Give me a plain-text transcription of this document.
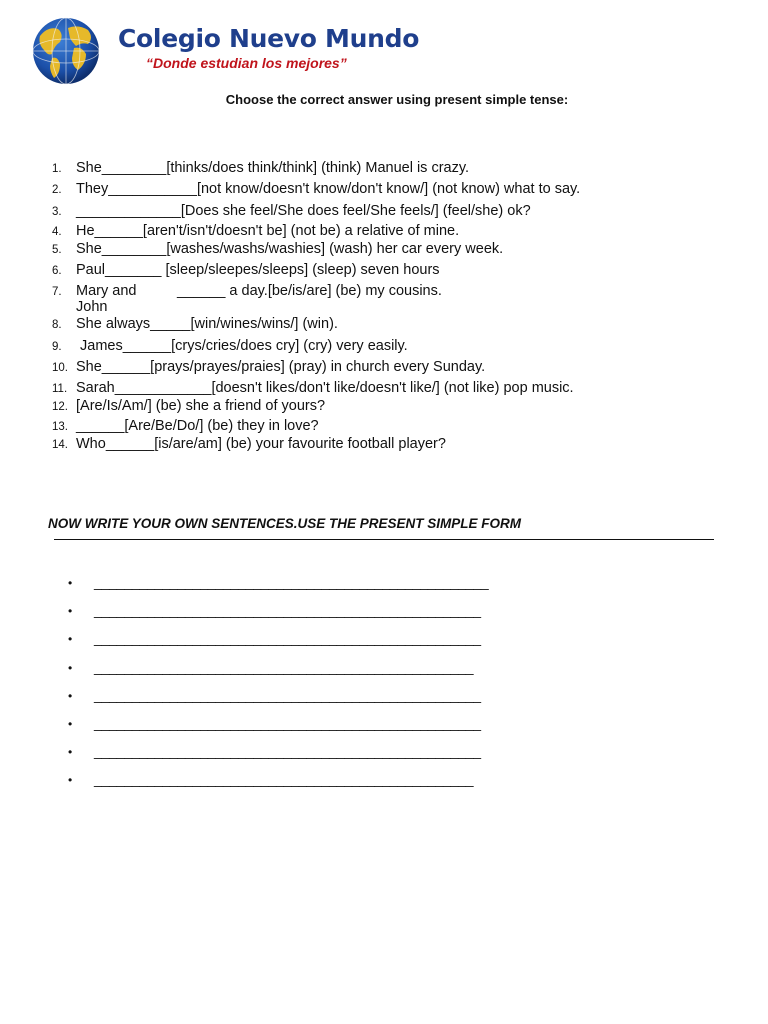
Colegio Nuevo Mundo
“Donde estudian los mejores”
Choose the correct answer using present simple tense:
1. She________[thinks/does think/think] (think) Manuel is crazy.
2. They___________[not know/doesn't know/don't know/] (not know) what to say.
3. _____________[Does she feel/She does feel/She feels/] (feel/she) ok?
4. He______[aren't/isn't/doesn't be] (not be) a relative of mine.
5. She________[washes/washs/washies] (wash) her car every week.
6. Paul_______ [sleep/sleepes/sleeps] (sleep) seven hours
7. Mary and
John
______ a day.[be/is/are] (be) my cousins.
8. She always_____[win/wines/wins/] (win).
9. James______[crys/cries/does cry] (cry) very easily.
10. She______[prays/prayes/praies] (pray) in church every Sunday.
11. Sarah____________[doesn't likes/don't like/doesn't like/] (not like) pop music.
12. [Are/Is/Am/] (be) she a friend of yours?
13. ______[Are/Be/Do/] (be) they in love?
14. Who______[is/are/am] (be) your favourite football player?
NOW WRITE YOUR OWN SENTENCES.USE THE PRESENT SIMPLE FORM
• ____________________________________________________
• ___________________________________________________
• ___________________________________________________
• __________________________________________________
• ___________________________________________________
• ___________________________________________________
• ___________________________________________________
• __________________________________________________
